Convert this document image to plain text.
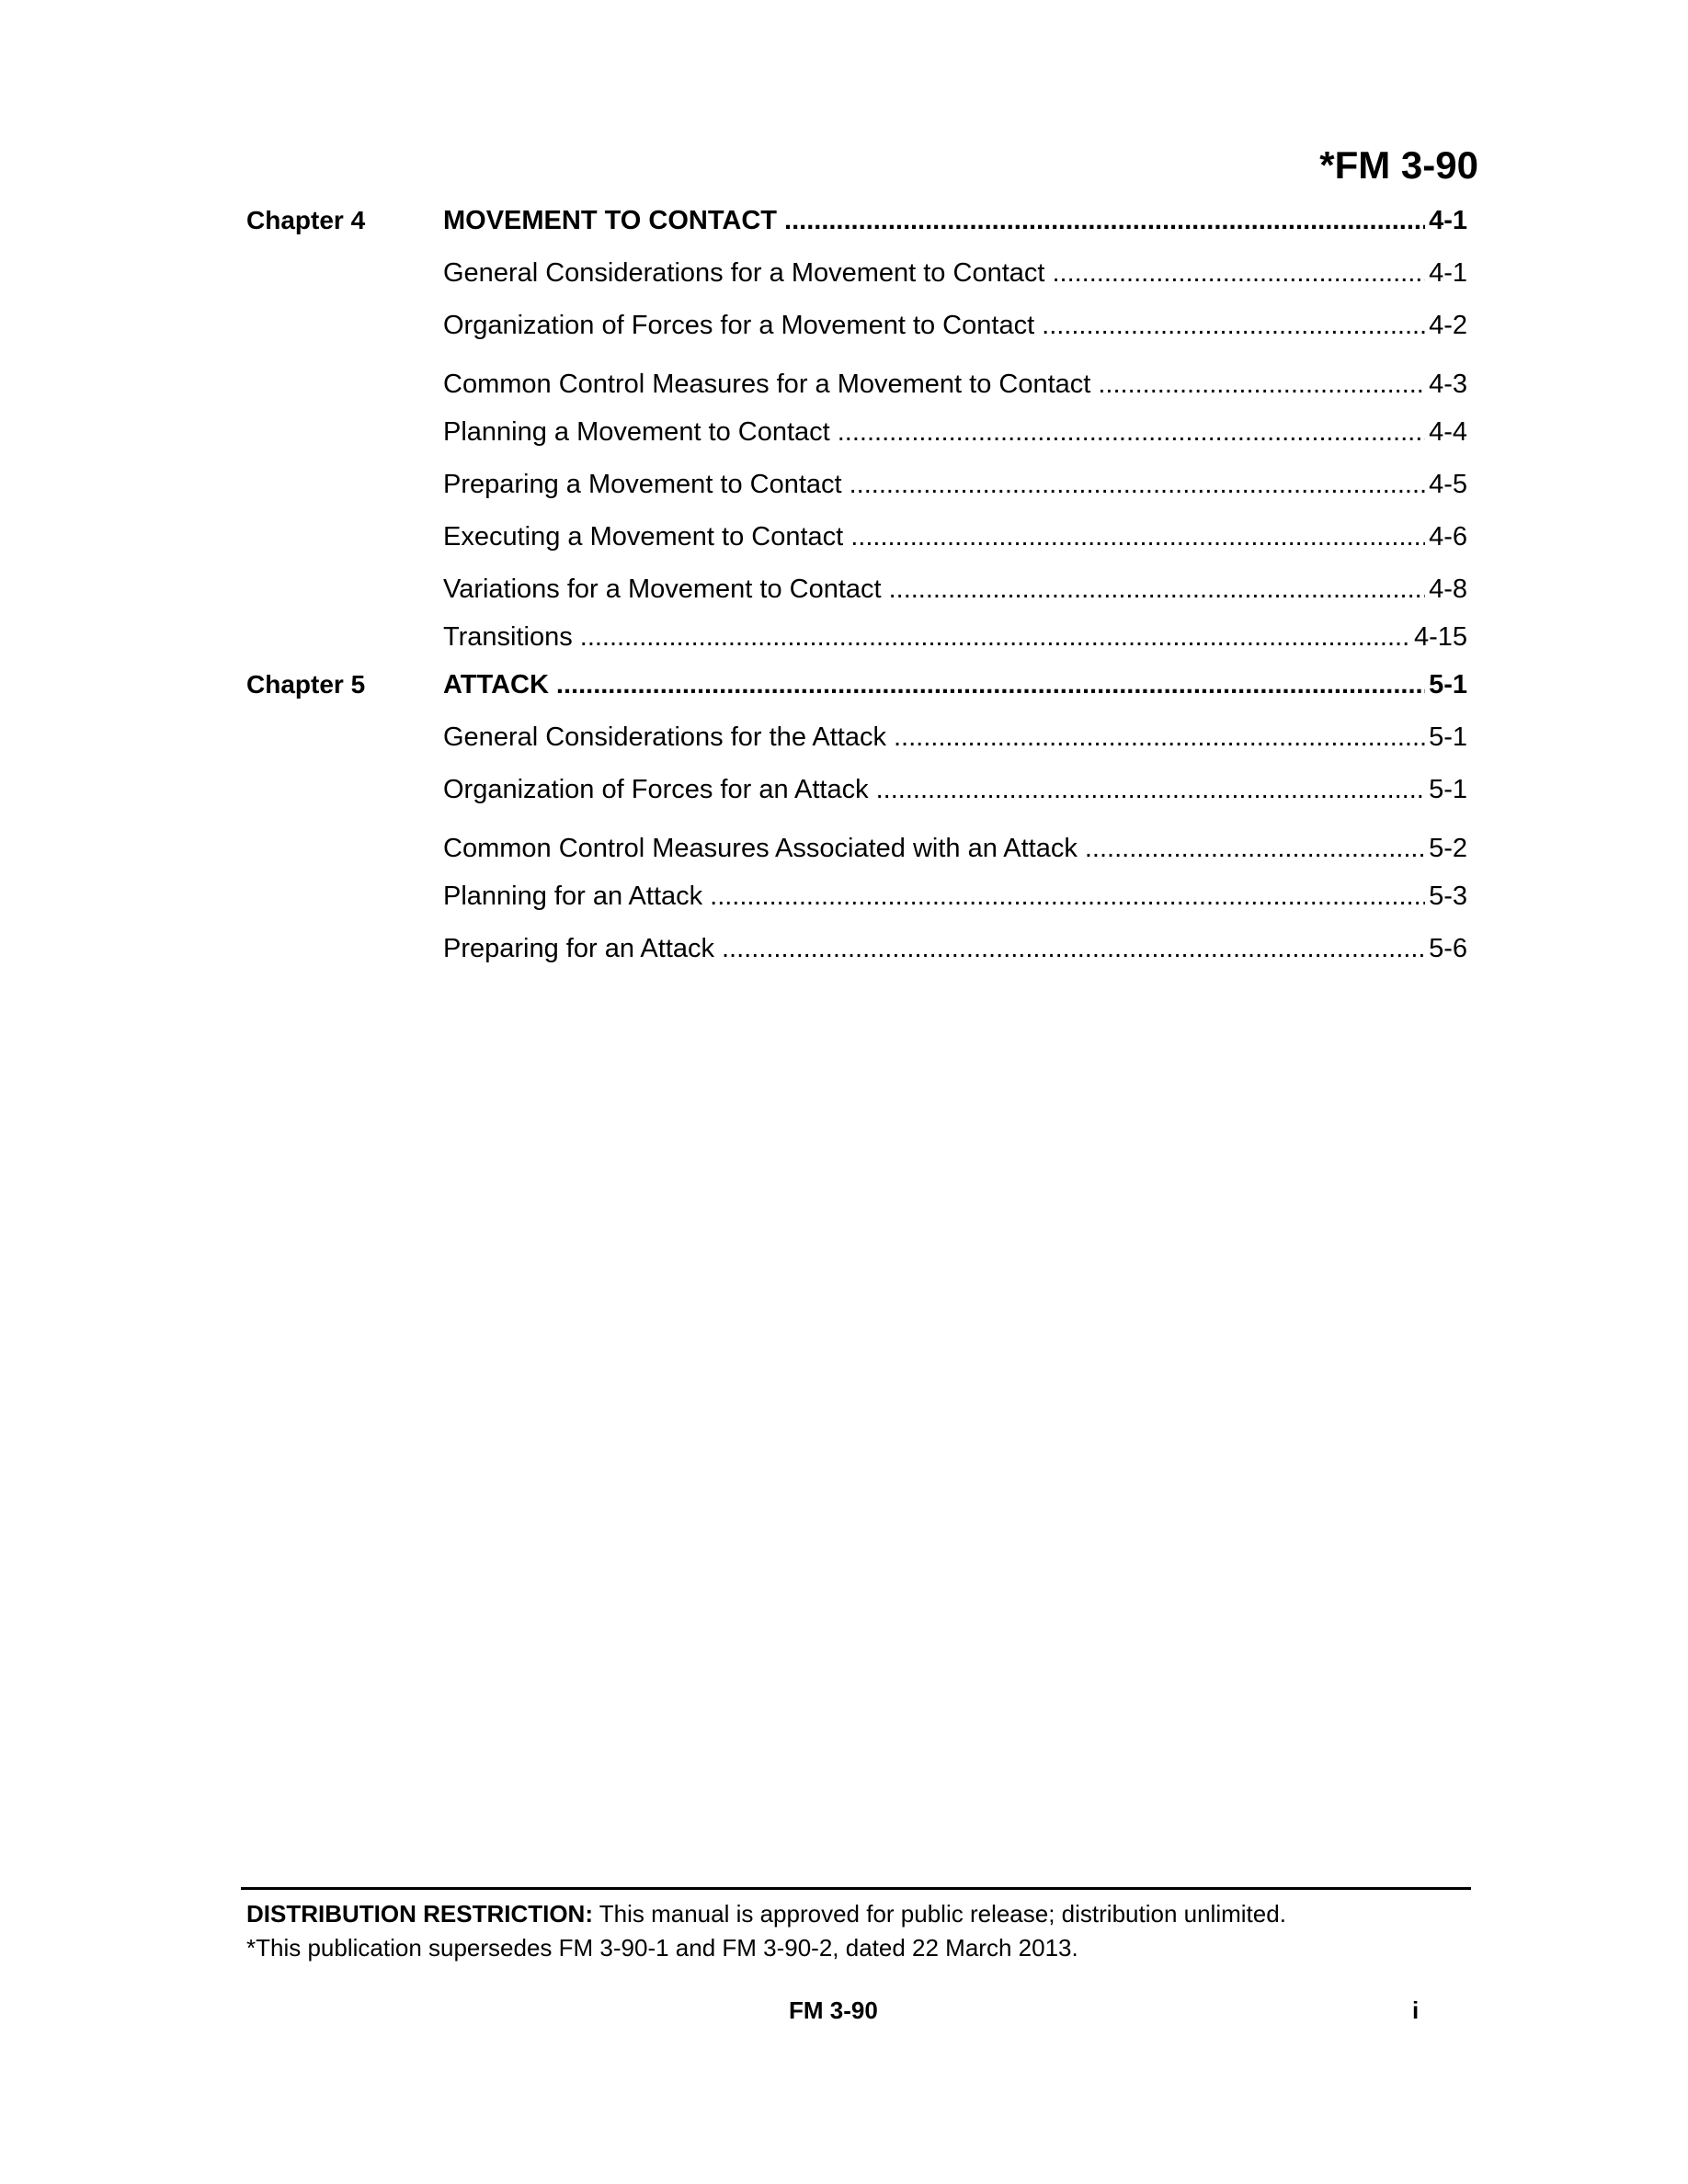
*FM 3-90
Chapter 4	MOVEMENT TO CONTACT .....	4-1
General Considerations for a Movement to Contact .....	4-1
Organization of Forces for a Movement to Contact .....	4-2
Common Control Measures for a Movement to Contact .....	4-3
Planning a Movement to Contact .....	4-4
Preparing a Movement to Contact .....	4-5
Executing a Movement to Contact .....	4-6
Variations for a Movement to Contact .....	4-8
Transitions .....	4-15
Chapter 5	ATTACK .....	5-1
General Considerations for the Attack .....	5-1
Organization of Forces for an Attack .....	5-1
Common Control Measures Associated with an Attack .....	5-2
Planning for an Attack .....	5-3
Preparing for an Attack .....	5-6
DISTRIBUTION RESTRICTION: This manual is approved for public release; distribution unlimited.
*This publication supersedes FM 3-90-1 and FM 3-90-2, dated 22 March 2013.
FM 3-90	i
